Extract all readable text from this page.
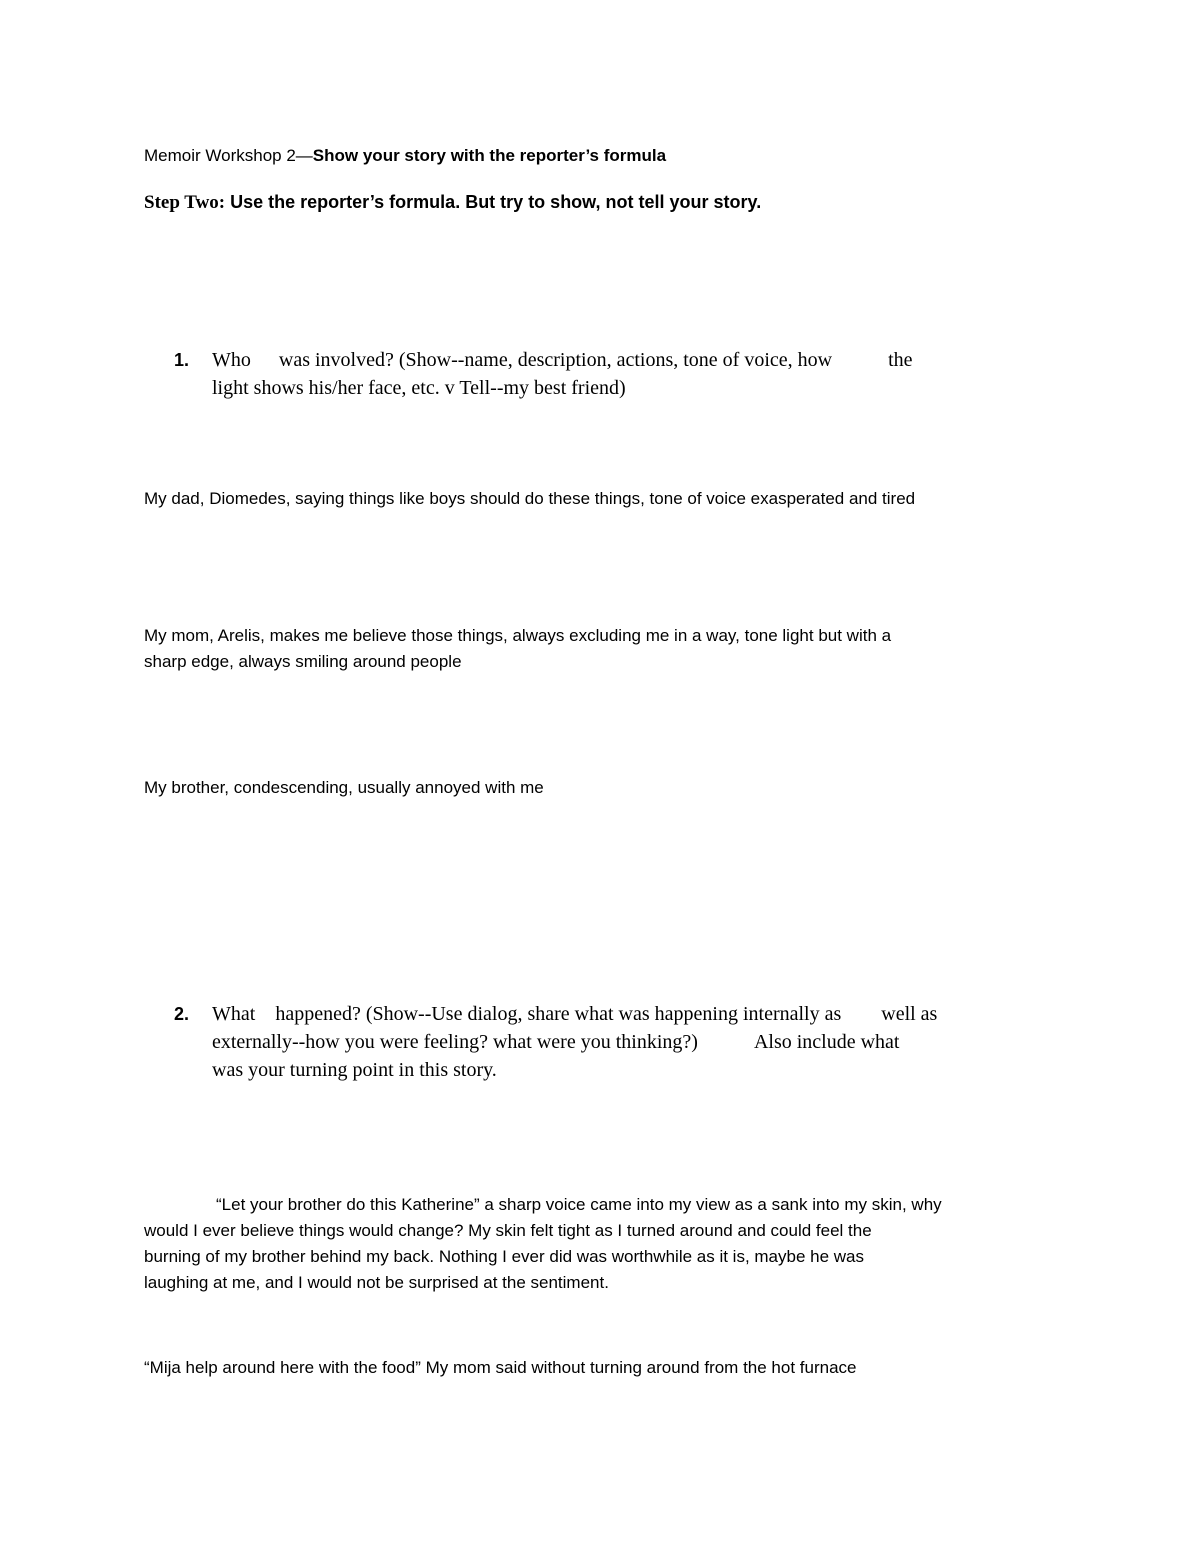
Memoir Workshop 2—Show your story with the reporter’s formula
Step Two: Use the reporter’s formula. But try to show, not tell your story.
1. Who was involved? (Show--name, description, actions, tone of voice, how	the
light shows his/her face, etc. v Tell--my best friend)
My dad, Diomedes, saying things like boys should do these things, tone of voice exasperated and tired
My mom, Arelis, makes me believe those things, always excluding me in a way, tone light but with a
sharp edge, always smiling around people
My brother, condescending, usually annoyed with me
2. What happened? (Show--Use dialog, share what was happening internally as well as
externally--how you were feeling? what were you thinking?)	Also include what
was your turning point in this story.
“Let your brother do this Katherine” a sharp voice came into my view as a sank into my skin, why
would I ever believe things would change? My skin felt tight as I turned around and could feel the
burning of my brother behind my back. Nothing I ever did was worthwhile as it is, maybe he was
laughing at me, and I would not be surprised at the sentiment.
“Mija help around here with the food” My mom said without turning around from the hot furnace
